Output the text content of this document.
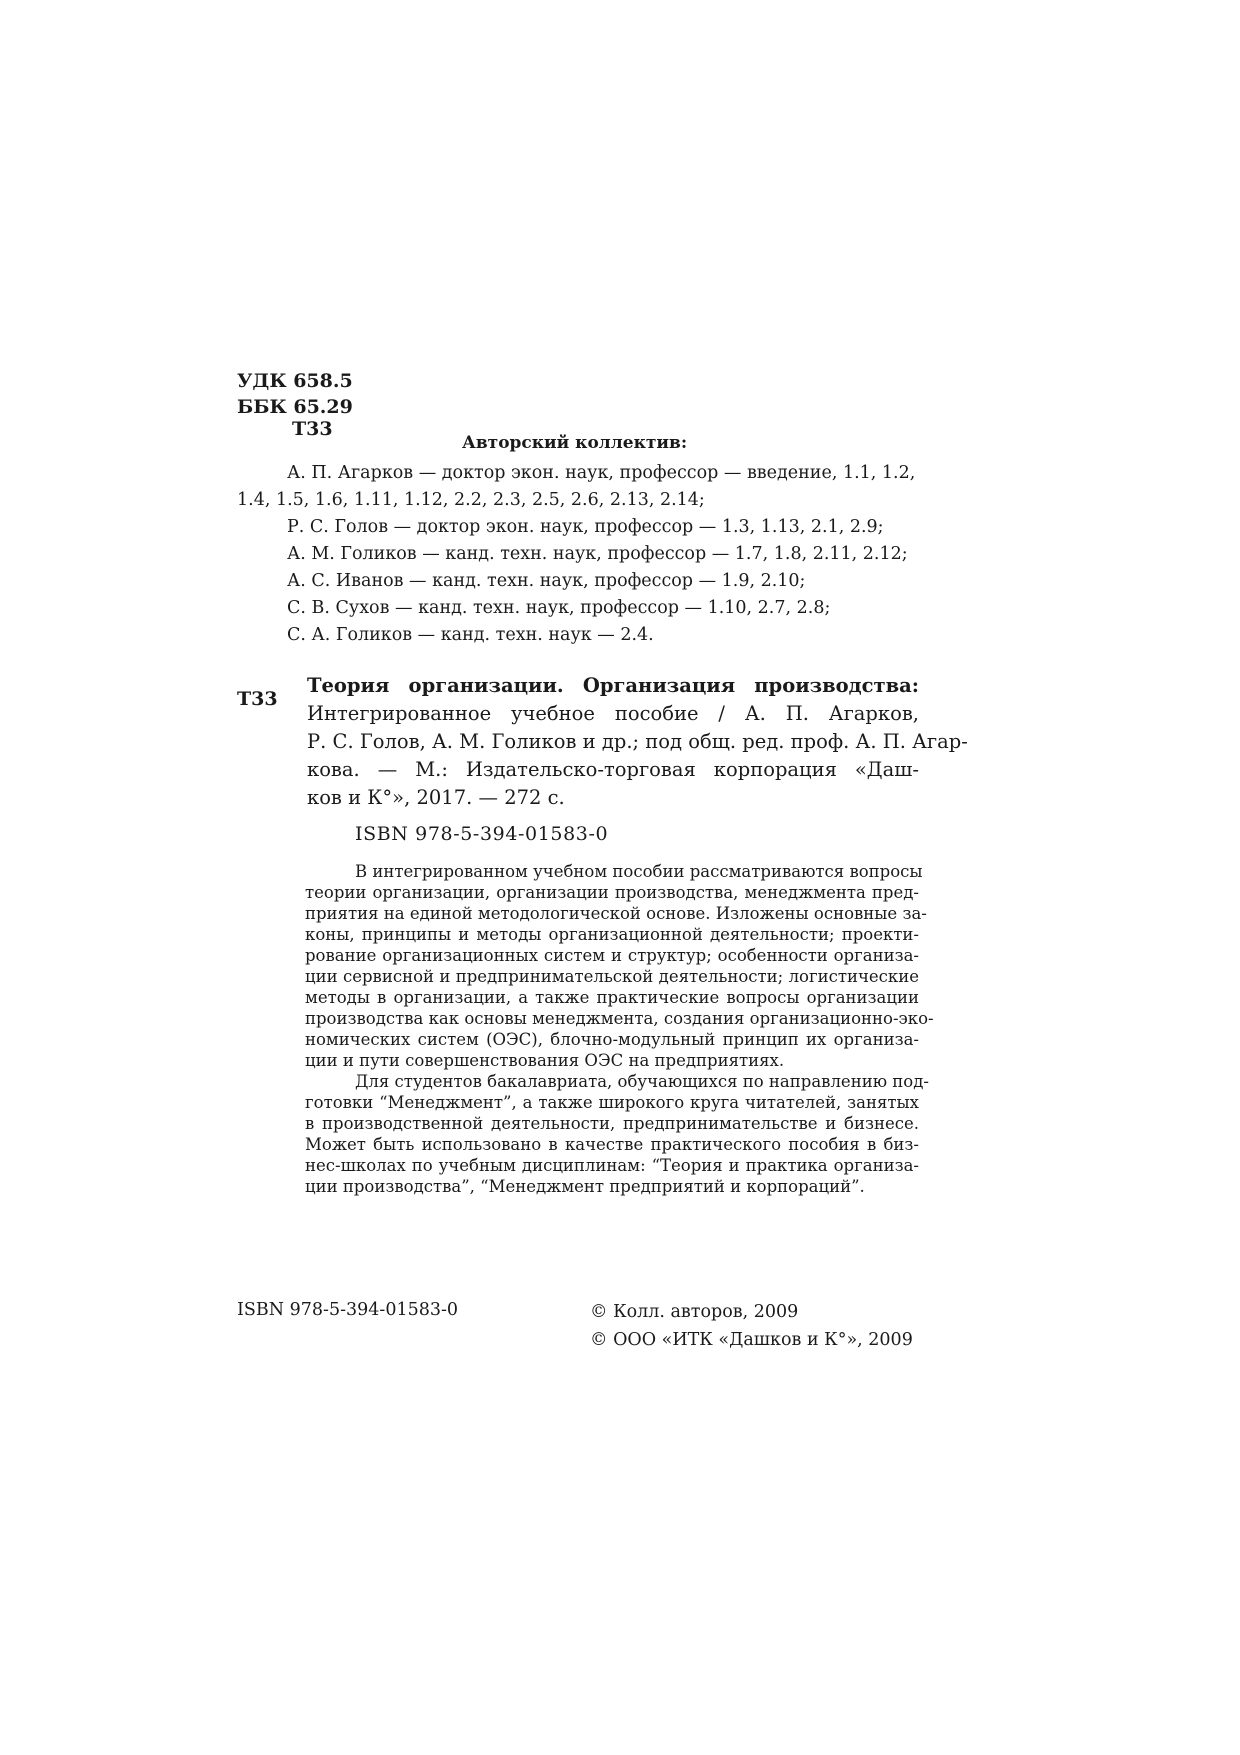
УДК 658.5
ББК 65.29
Т33
Авторский коллектив:
А. П. Агарков — доктор экон. наук, профессор — введение, 1.1, 1.2,
1.4, 1.5, 1.6, 1.11, 1.12, 2.2, 2.3, 2.5, 2.6, 2.13, 2.14;
Р. С. Голов — доктор экон. наук, профессор — 1.3, 1.13, 2.1, 2.9;
А. М. Голиков — канд. техн. наук, профессор — 1.7, 1.8, 2.11, 2.12;
А. С. Иванов — канд. техн. наук, профессор — 1.9, 2.10;
С. В. Сухов — канд. техн. наук, профессор — 1.10, 2.7, 2.8;
С. А. Голиков — канд. техн. наук — 2.4.
Т33
Теория организации. Организация производства:
Интегрированное учебное пособие / А. П. Агарков,
Р. С. Голов, А. М. Голиков и др.; под общ. ред. проф. А. П. Агар-
кова. — М.: Издательско-торговая корпорация «Даш-
ков и К°», 2017. — 272 с.
ISBN 978-5-394-01583-0
В интегрированном учебном пособии рассматриваются вопросы
теории организации, организации производства, менеджмента пред-
приятия на единой методологической основе. Изложены основные за-
коны, принципы и методы организационной деятельности; проекти-
рование организационных систем и структур; особенности организа-
ции сервисной и предпринимательской деятельности; логистические
методы в организации, а также практические вопросы организации
производства как основы менеджмента, создания организационно-эко-
номических систем (ОЭС), блочно-модульный принцип их организа-
ции и пути совершенствования ОЭС на предприятиях.
Для студентов бакалавриата, обучающихся по направлению под-
готовки “Менеджмент”, а также широкого круга читателей, занятых
в производственной деятельности, предпринимательстве и бизнесе.
Может быть использовано в качестве практического пособия в биз-
нес-школах по учебным дисциплинам: “Теория и практика организа-
ции производства”, “Менеджмент предприятий и корпораций”.
ISBN 978-5-394-01583-0	© Колл. авторов, 2009
© ООО «ИТК «Дашков и К°», 2009
